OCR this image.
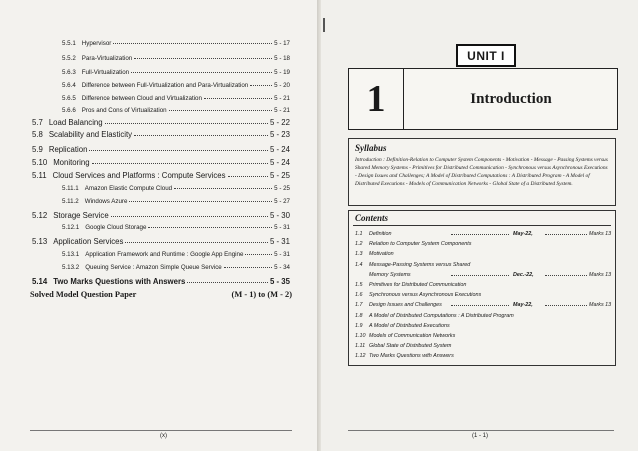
5.5.1 Hypervisor	5 - 17
5.5.2 Para-Virtualization	5 - 18
5.6.3 Full-Virtualization	5 - 19
5.6.4 Difference between Full-Virtualization and Para-Virtualization	5 - 20
5.6.5 Difference between Cloud and Virtualization	5 - 21
5.6.6 Pros and Cons of Virtualization	5 - 21
5.7 Load Balancing	5 - 22
5.8 Scalability and Elasticity	5 - 23
5.9 Replication	5 - 24
5.10 Monitoring	5 - 24
5.11 Cloud Services and Platforms : Compute Services	5 - 25
5.11.1 Amazon Elastic Compute Cloud	5 - 25
5.11.2 Windows Azure	5 - 27
5.12 Storage Service	5 - 30
5.12.1 Google Cloud Storage	5 - 31
5.13 Application Services	5 - 31
5.13.1 Application Framework and Runtime : Google App Engine	5 - 31
5.13.2 Queuing Service : Amazon Simple Queue Service	5 - 34
5.14 Two Marks Questions with Answers	5 - 35
Solved Model Question Paper	(M - 1) to (M - 2)
(x)
UNIT I
1	Introduction
Syllabus
Introduction : Definition-Relation to Computer System Components - Motivation - Message - Passing Systems versus Shared Memory Systems - Primitives for Distributed Communication - Synchronous versus Asynchronous Executions - Design Issues and Challenges; A Model of Distributed Computations : A Distributed Program - A Model of Distributed Executions - Models of Communication Networks - Global State of a Distributed System.
Contents
1.1 Definition	May-22,	Marks 13
1.2 Relation to Computer System Components
1.3 Motivation
1.4 Message-Passing Systems versus Shared
Memory Systems	Dec.-22,	Marks 13
1.5 Primitives for Distributed Communication
1.6 Synchronous versus Asynchronous Executions
1.7 Design Issues and Challenges	May-22,	Marks 13
1.8 A Model of Distributed Computations : A Distributed Program
1.9 A Model of Distributed Executions
1.10 Models of Communication Networks
1.11 Global State of Distributed System
1.12 Two Marks Questions with Answers
(1 - 1)
